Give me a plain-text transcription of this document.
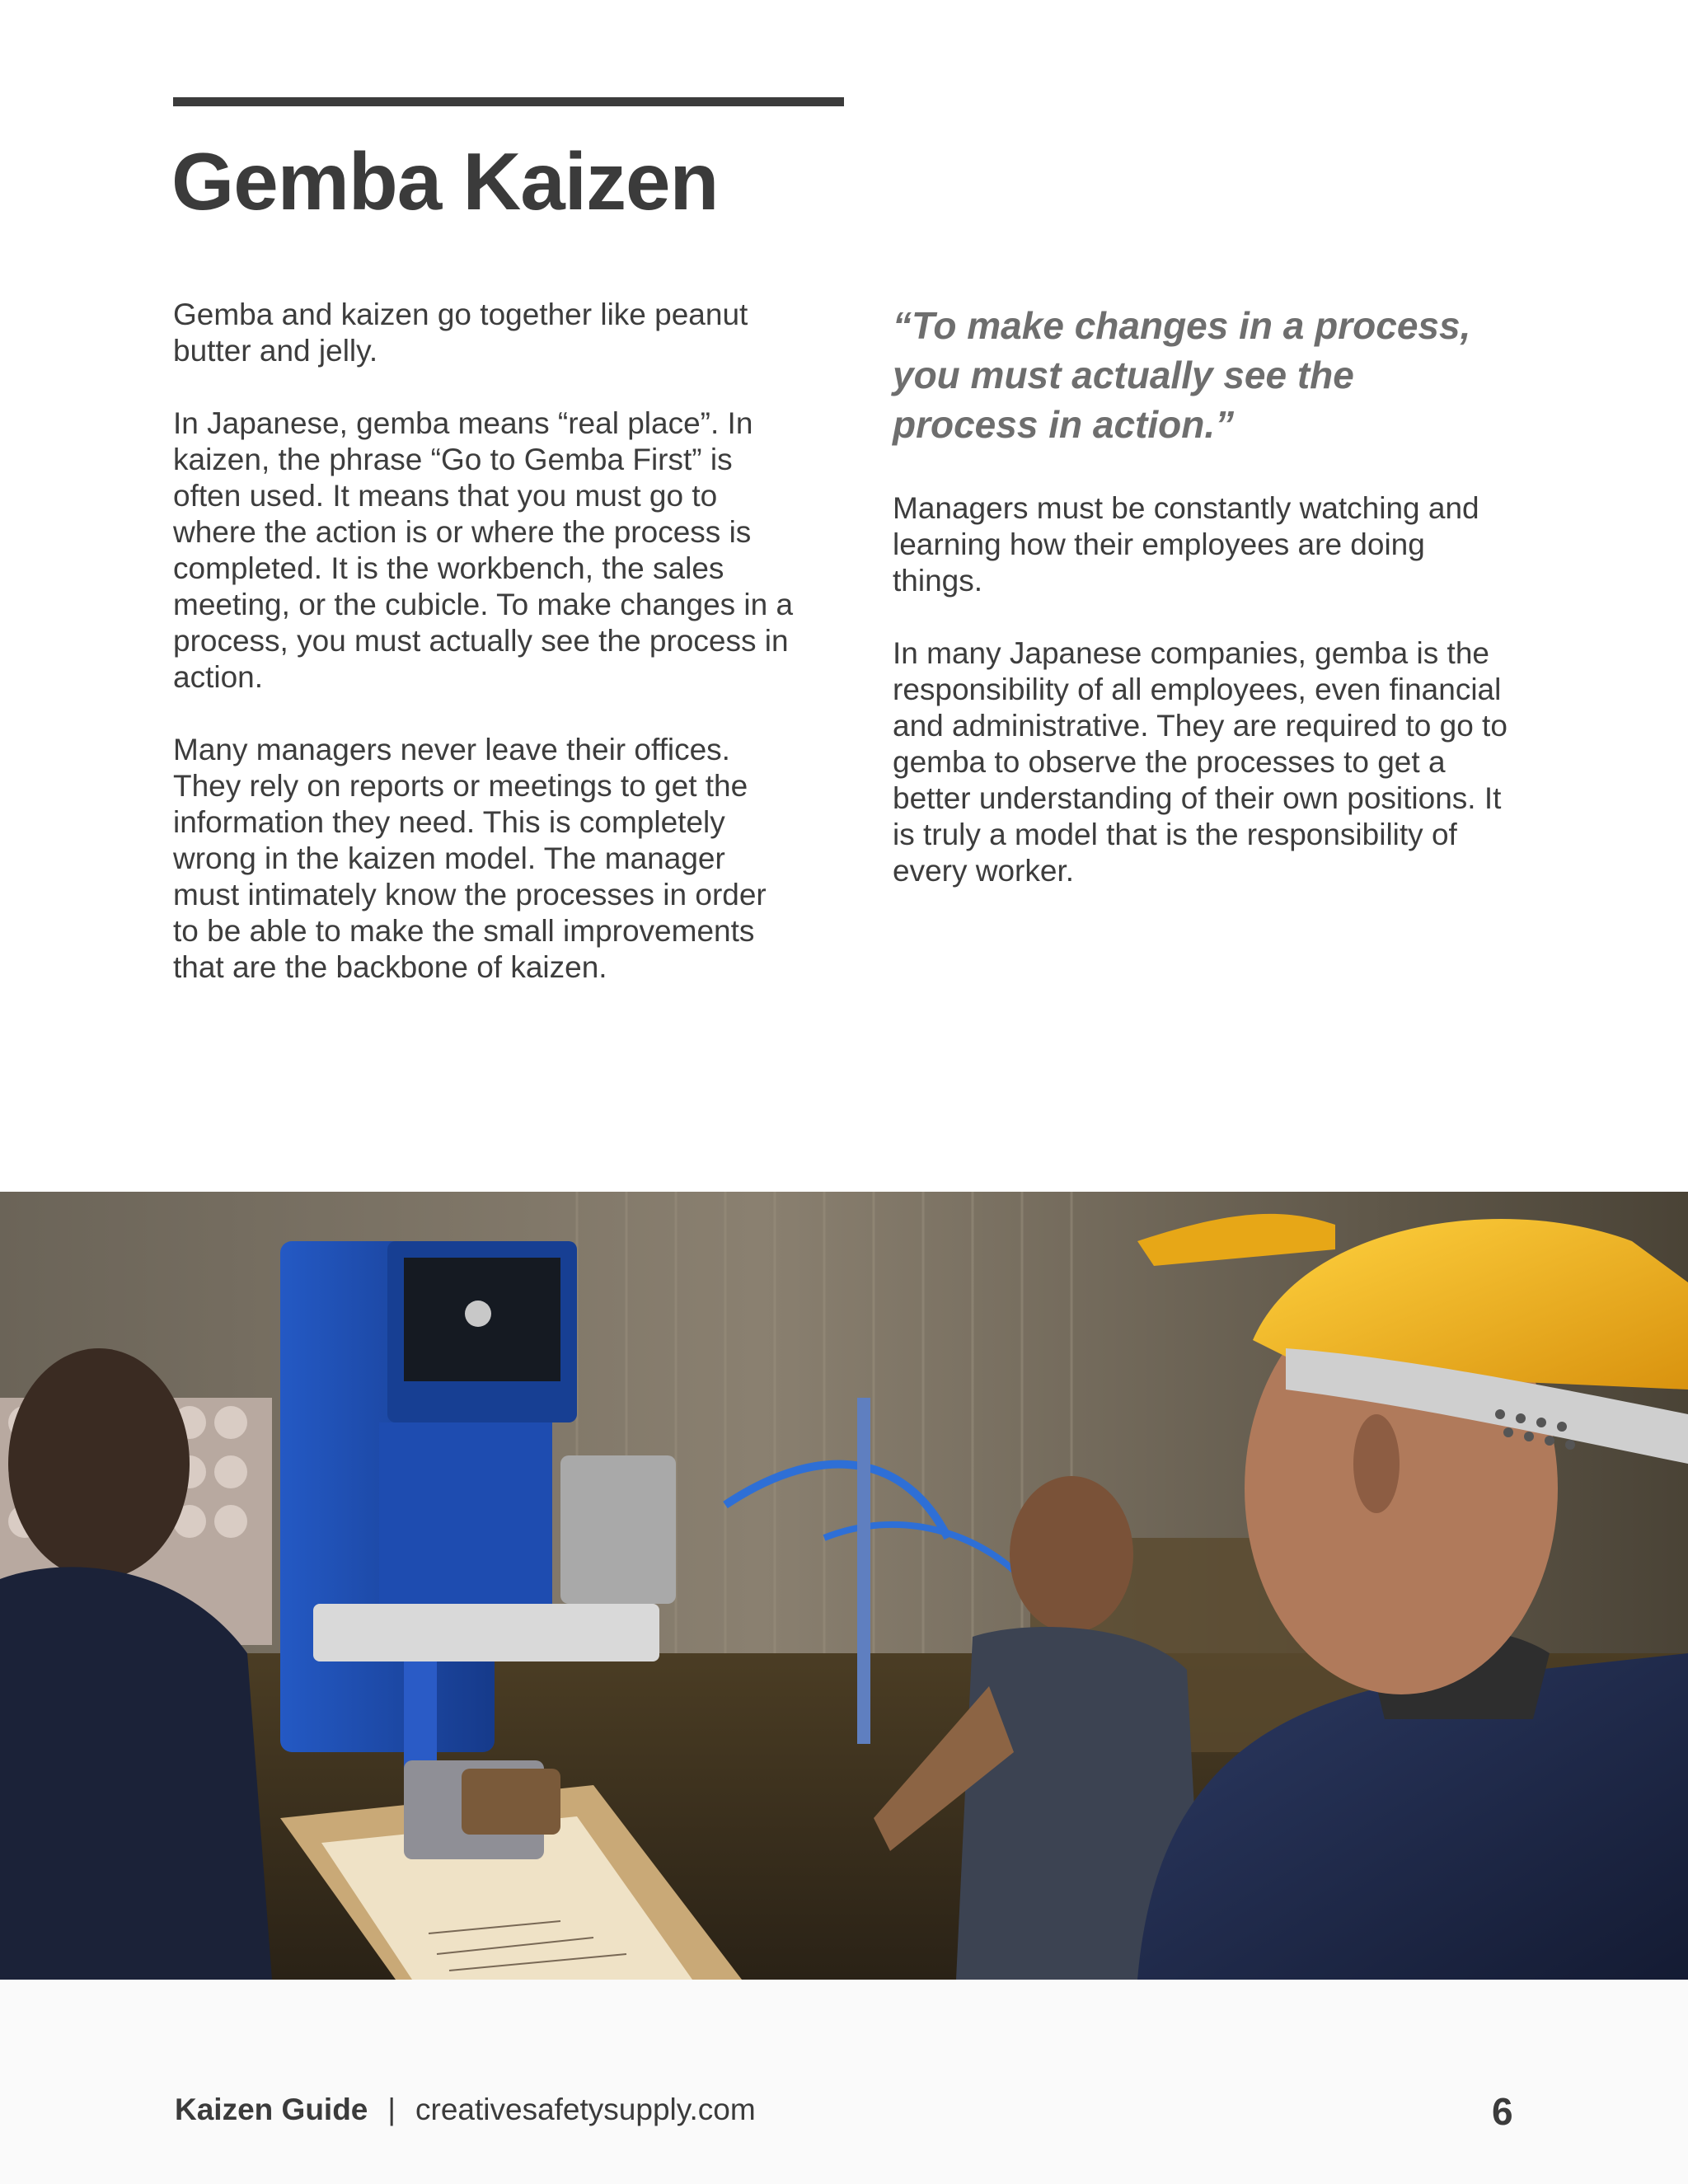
Gemba Kaizen

Gemba and kaizen go together like peanut butter and jelly.

In Japanese, gemba means “real place”. In kaizen, the phrase “Go to Gemba First” is often used. It means that you must go to where the action is or where the process is completed. It is the workbench, the sales meeting, or the cubicle. To make changes in a process, you must actually see the process in action.

Many managers never leave their offices. They rely on reports or meetings to get the information they need. This is completely wrong in the kaizen model. The manager must intimately know the processes in order to be able to make the small improvements that are the backbone of kaizen.

“To make changes in a process, you must actually see the process in action.”

Managers must be constantly watching and learning how their employees are doing things.

In many Japanese companies, gemba is the responsibility of all employees, even financial and administrative. They are required to go to gemba to observe the processes to get a better understanding of their own positions. It is truly a model that is the responsibility of every worker.

Kaizen Guide | creativesafetysupply.com	6
